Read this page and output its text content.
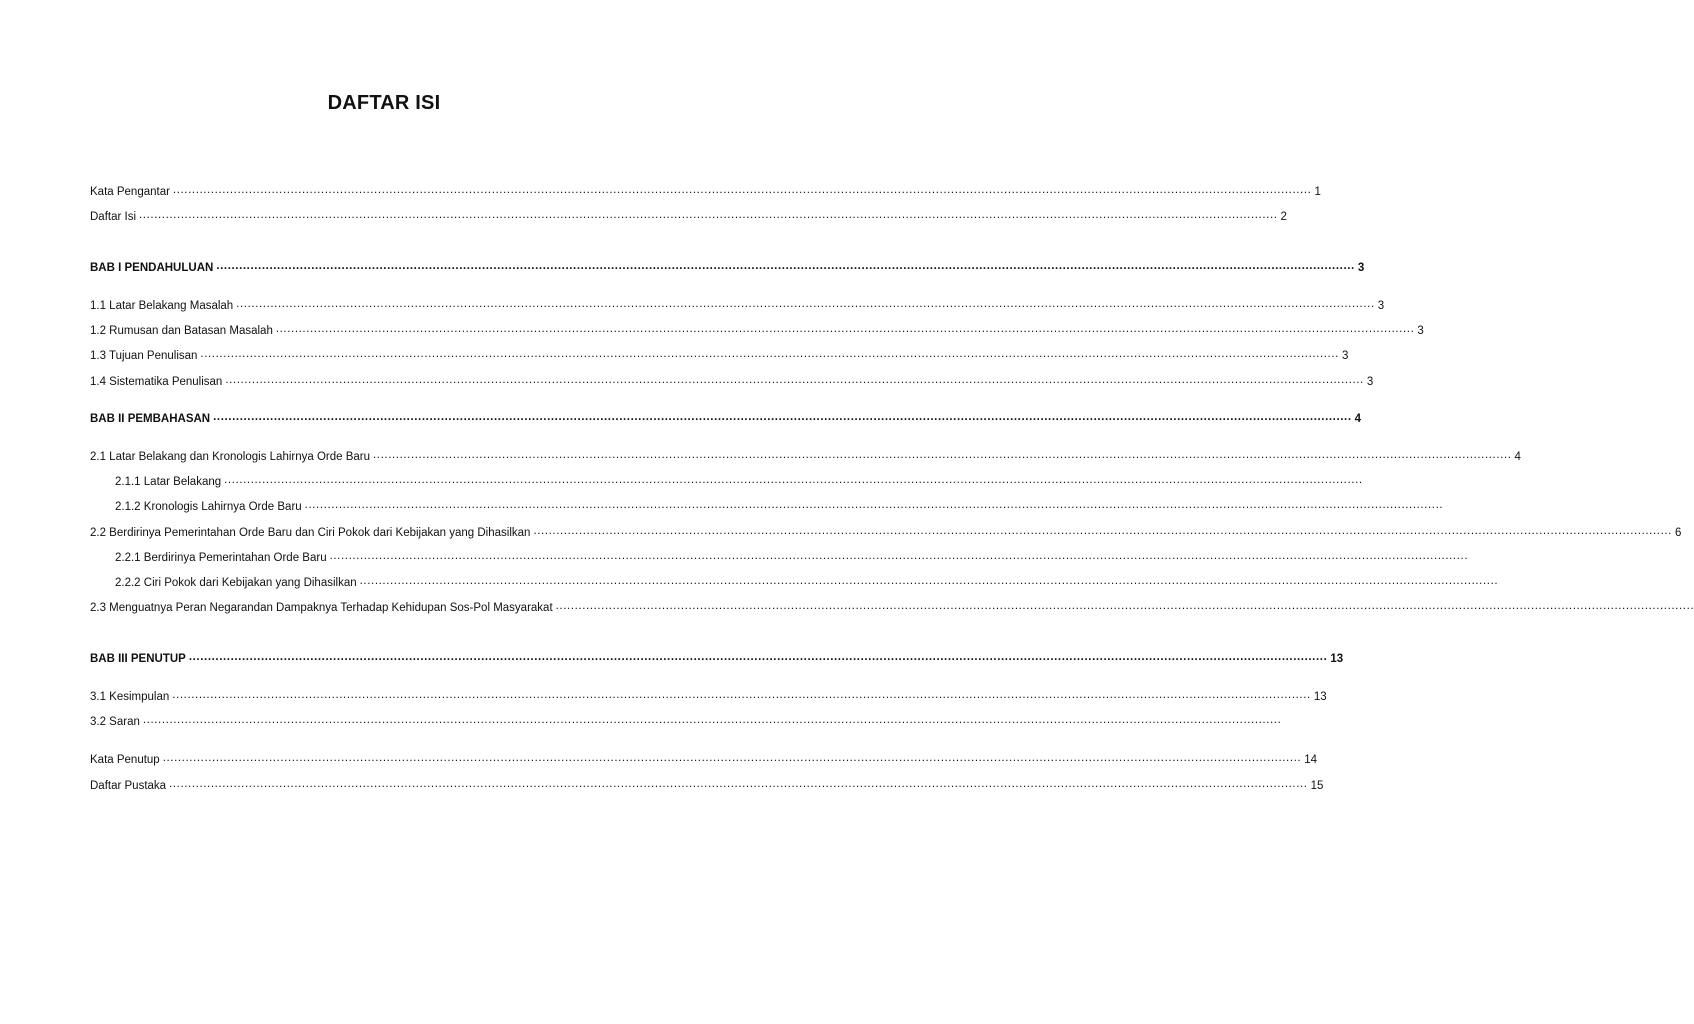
DAFTAR ISI
Kata Pengantar ............................................................................................................................................................................................................................................................................................................ 1
Daftar Isi ............................................................................................................................................................................................................................................................................................................ 2
BAB I PENDAHULUAN ............................................................................................................................................................................................................................................................................................................ 3
1.1 Latar Belakang Masalah ............................................................................................................................................................................................................................................................................................................ 3
1.2 Rumusan dan Batasan Masalah ............................................................................................................................................................................................................................................................................................................ 3
1.3 Tujuan Penulisan ............................................................................................................................................................................................................................................................................................................ 3
1.4 Sistematika Penulisan ............................................................................................................................................................................................................................................................................................................ 3
BAB II PEMBAHASAN ............................................................................................................................................................................................................................................................................................................ 4
2.1 Latar Belakang dan Kronologis Lahirnya Orde Baru ............................................................................................................................................................................................................................................................................................................ 4
2.1.1 Latar Belakang ............................................................................................................................................................................................................................................................................................................
2.1.2 Kronologis Lahirnya Orde Baru ............................................................................................................................................................................................................................................................................................................
2.2 Berdirinya Pemerintahan Orde Baru dan Ciri Pokok dari Kebijakan yang Dihasilkan ............................................................................................................................................................................................................................................................................................................ 6
2.2.1 Berdirinya Pemerintahan Orde Baru ............................................................................................................................................................................................................................................................................................................
2.2.2 Ciri Pokok dari Kebijakan yang Dihasilkan ............................................................................................................................................................................................................................................................................................................
2.3 Menguatnya Peran Negarandan Dampaknya Terhadap Kehidupan Sos-Pol Masyarakat ............................................................................................................................................................................................................................................................................................................
BAB III PENUTUP ............................................................................................................................................................................................................................................................................................................ 13
3.1 Kesimpulan ............................................................................................................................................................................................................................................................................................................ 13
3.2 Saran ............................................................................................................................................................................................................................................................................................................
Kata Penutup ............................................................................................................................................................................................................................................................................................................ 14
Daftar Pustaka ............................................................................................................................................................................................................................................................................................................ 15
